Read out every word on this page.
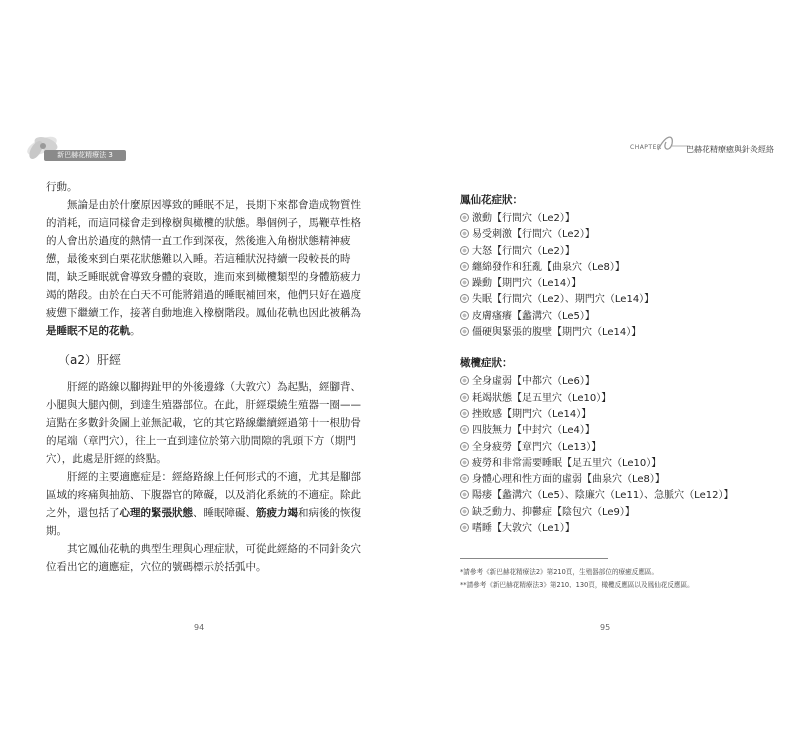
新巴赫花精療法 3

行動。

無論是由於什麼原因導致的睡眠不足，長期下來都會造成物質性的消耗，而這同樣會走到橡樹與橄欖的狀態。舉個例子，馬鞭草性格的人會出於過度的熱情一直工作到深夜，然後進入角樹狀態精神疲憊，最後來到白栗花狀態難以入睡。若這種狀況持續一段較長的時間，缺乏睡眠就會導致身體的衰敗，進而來到橄欖類型的身體筋疲力竭的階段。由於在白天不可能將錯過的睡眠補回來，他們只好在過度疲憊下繼續工作，接著自動地進入橡樹階段。鳳仙花軌也因此被稱為是睡眠不足的花軌。

（a2）肝經

肝經的路線以腳拇趾甲的外後邊緣（大敦穴）為起點，經腳背、小腿與大腿內側，到達生殖器部位。在此，肝經環繞生殖器一圈——這點在多數針灸圖上並無記載，它的其它路線繼續經過第十一根肋骨的尾端（章門穴），往上一直到達位於第六肋間隙的乳頭下方（期門穴），此處是肝經的終點。

肝經的主要適應症是：經絡路線上任何形式的不適，尤其是腳部區域的疼痛與抽筋、下腹器官的障礙，以及消化系統的不適症。除此之外，還包括了心理的緊張狀態、睡眠障礙、筋疲力竭和病後的恢復期。

其它鳳仙花軌的典型生理與心理症狀，可從此經絡的不同針灸穴位看出它的適應症，穴位的號碼標示於括弧中。

94
CHAPTER	巴赫花精療癒與針灸經絡
鳳仙花症狀：
激動【行間穴（Le2）】
易受刺激【行間穴（Le2）】
大怒【行間穴（Le2）】
纏綿發作和狂亂【曲泉穴（Le8）】
躁動【期門穴（Le14）】
失眠【行間穴（Le2）、期門穴（Le14）】
皮膚瘙癢【蠡溝穴（Le5）】
僵硬與緊張的腹壁【期門穴（Le14）】
橄欖症狀：
全身虛弱【中都穴（Le6）】
耗竭狀態【足五里穴（Le10）】
挫敗感【期門穴（Le14）】
四肢無力【中封穴（Le4）】
全身疲勞【章門穴（Le13）】
疲勞和非常需要睡眠【足五里穴（Le10）】
身體心理和性方面的虛弱【曲泉穴（Le8）】
陽痿【蠡溝穴（Le5）、陰廉穴（Le11）、急脈穴（Le12）】
缺乏動力、抑鬱症【陰包穴（Le9）】
嗜睡【大敦穴（Le1）】
*請參考《新巴赫花精療法2》第210頁，生殖器部位的療癒反應區。
**請參考《新巴赫花精療法3》第210、130頁，橄欖反應區以及鳳仙花反應區。
95
